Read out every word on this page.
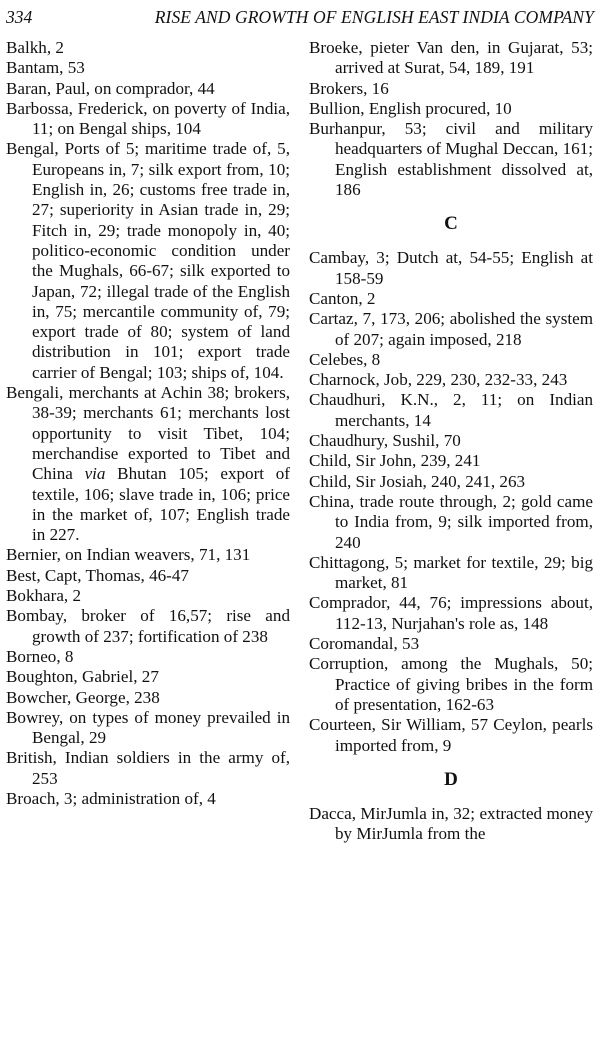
334	RISE AND GROWTH OF ENGLISH EAST INDIA COMPANY
Balkh, 2
Bantam, 53
Baran, Paul, on comprador, 44
Barbossa, Frederick, on poverty of India, 11; on Bengal ships, 104
Bengal, Ports of 5; maritime trade of, 5, Europeans in, 7; silk export from, 10; English in, 26; customs free trade in, 27; superiority in Asian trade in, 29; Fitch in, 29; trade monopoly in, 40; politico-economic condition under the Mughals, 66-67; silk exported to Japan, 72; illegal trade of the English in, 75; mercantile community of, 79; export trade of 80; system of land distribution in 101; export trade carrier of Bengal; 103; ships of, 104.
Bengali, merchants at Achin 38; brokers, 38-39; merchants 61; merchants lost opportunity to visit Tibet, 104; merchandise exported to Tibet and China via Bhutan 105; export of textile, 106; slave trade in, 106; price in the market of, 107; English trade in 227.
Bernier, on Indian weavers, 71, 131
Best, Capt, Thomas, 46-47
Bokhara, 2
Bombay, broker of 16,57; rise and growth of 237; fortification of 238
Borneo, 8
Boughton, Gabriel, 27
Bowcher, George, 238
Bowrey, on types of money prevailed in Bengal, 29
British, Indian soldiers in the army of, 253
Broach, 3; administration of, 4
Broeke, pieter Van den, in Gujarat, 53; arrived at Surat, 54, 189, 191
Brokers, 16
Bullion, English procured, 10
Burhanpur, 53; civil and military headquarters of Mughal Deccan, 161; English establishment dissolved at, 186
C
Cambay, 3; Dutch at, 54-55; English at 158-59
Canton, 2
Cartaz, 7, 173, 206; abolished the system of 207; again imposed, 218
Celebes, 8
Charnock, Job, 229, 230, 232-33, 243
Chaudhuri, K.N., 2, 11; on Indian merchants, 14
Chaudhury, Sushil, 70
Child, Sir John, 239, 241
Child, Sir Josiah, 240, 241, 263
China, trade route through, 2; gold came to India from, 9; silk imported from, 240
Chittagong, 5; market for textile, 29; big market, 81
Comprador, 44, 76; impressions about, 112-13, Nurjahan's role as, 148
Coromandal, 53
Corruption, among the Mughals, 50; Practice of giving bribes in the form of presentation, 162-63
Courteen, Sir William, 57 Ceylon, pearls imported from, 9
D
Dacca, MirJumla in, 32; extracted money by MirJumla from the
